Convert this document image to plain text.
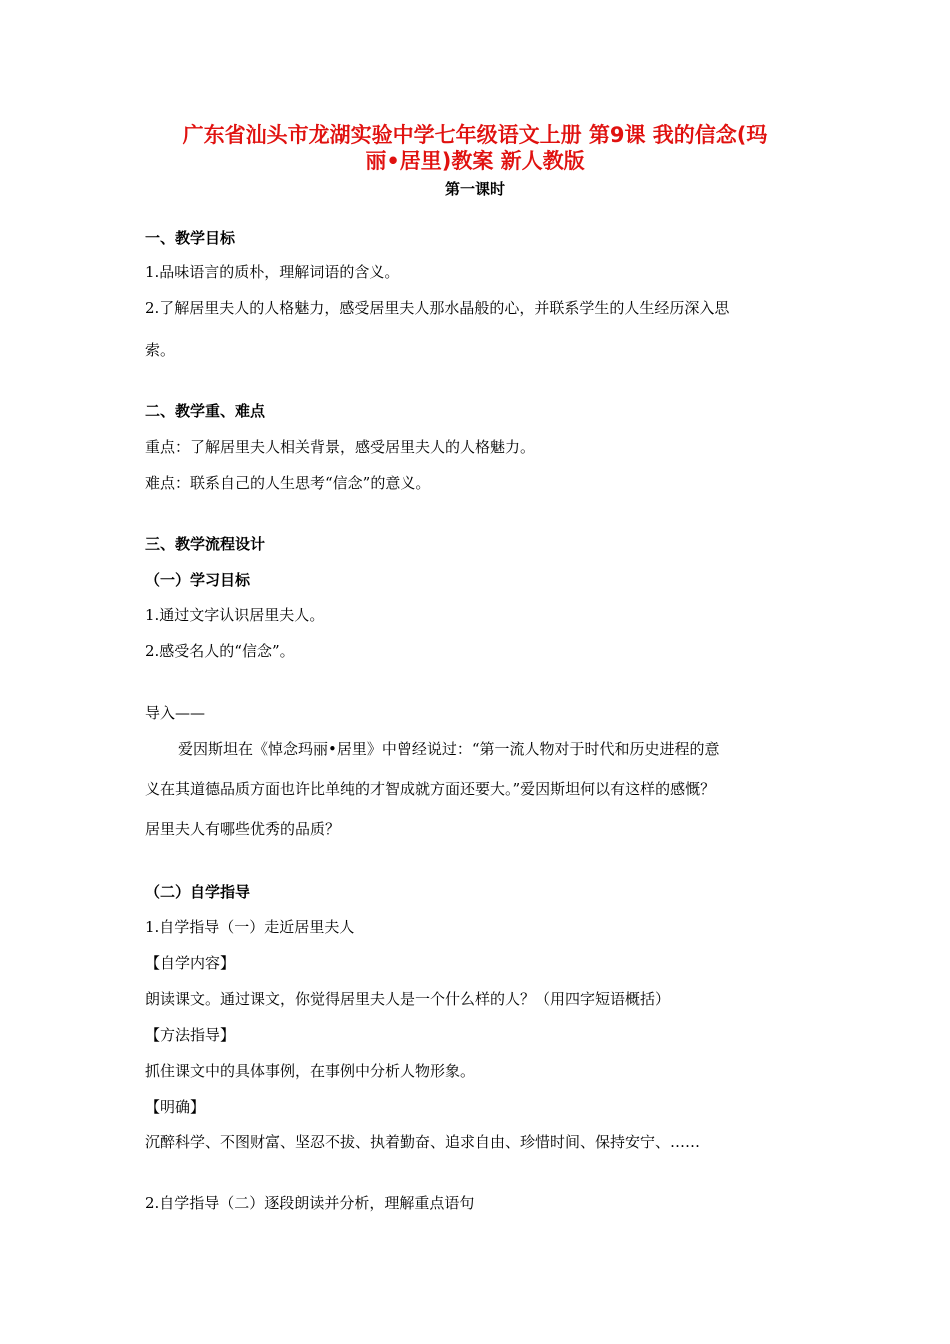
广东省汕头市龙湖实验中学七年级语文上册 第9课 我的信念(玛
丽•居里)教案 新人教版
第一课时
一、教学目标
1.品味语言的质朴，理解词语的含义。
2.了解居里夫人的人格魅力，感受居里夫人那水晶般的心，并联系学生的人生经历深入思
索。
二、教学重、难点
重点：了解居里夫人相关背景，感受居里夫人的人格魅力。
难点：联系自己的人生思考“信念”的意义。
三、教学流程设计
（一）学习目标
1.通过文字认识居里夫人。
2.感受名人的“信念”。
导入——
爱因斯坦在《悼念玛丽•居里》中曾经说过：“第一流人物对于时代和历史进程的意
义在其道德品质方面也许比单纯的才智成就方面还要大。”爱因斯坦何以有这样的感慨？
居里夫人有哪些优秀的品质？
（二）自学指导
1.自学指导（一）走近居里夫人
【自学内容】
朗读课文。通过课文，你觉得居里夫人是一个什么样的人？（用四字短语概括）
【方法指导】
抓住课文中的具体事例，在事例中分析人物形象。
【明确】
沉醉科学、不图财富、坚忍不拔、执着勤奋、追求自由、珍惜时间、保持安宁、……
2.自学指导（二）逐段朗读并分析，理解重点语句
